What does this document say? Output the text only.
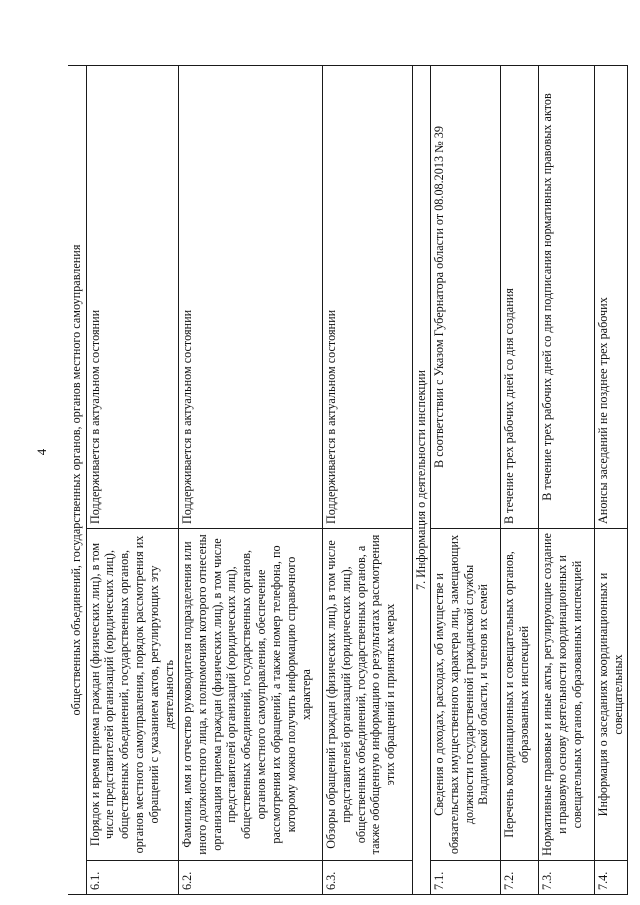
4 общественных объединений, государственных органов, органов местного самоуправления		
6.1.	Порядок и время приема граждан (физических лиц), в том числе представителей организаций (юридических лиц), общественных объединений, государственных органов, органов местного самоуправления, порядок рассмотрения их обращений с указанием актов, регулирующих эту деятельность	Поддерживается в актуальном состоянии
6.2.	Фамилия, имя и отчество руководителя подразделения или иного должностного лица, к полномочиям которого отнесены организация приема граждан (физических лиц), в том числе представителей организаций (юридических лиц), общественных объединений, государственных органов, органов местного самоуправления, обеспечение рассмотрения их обращений, а также номер телефона, по которому можно получить информацию справочного характера	Поддерживается в актуальном состоянии
6.3.	Обзоры обращений граждан (физических лиц), в том числе представителей организаций (юридических лиц), общественных объединений, государственных органов, а также обобщенную информацию о результатах рассмотрения этих обращений и принятых мерах	Поддерживается в актуальном состоянии
7. Информация о деятельности инспекции		
7.1.	Сведения о доходах, расходах, об имуществе и обязательствах имущественного характера лиц, замещающих должности государственной гражданской службы Владимирской области, и членов их семей	В соответствии с Указом Губернатора области от 08.08.2013 № 39
7.2.	Перечень координационных и совещательных органов, образованных инспекцией	В течение трех рабочих дней со дня создания
7.3.	Нормативные правовые и иные акты, регулирующие создание и правовую основу деятельности координационных и совещательных органов, образованных инспекцией	В течение трех рабочих дней со дня подписания нормативных правовых актов
7.4.	Информация о заседаниях координационных и совещательных	Анонсы заседаний не позднее трех рабочих
